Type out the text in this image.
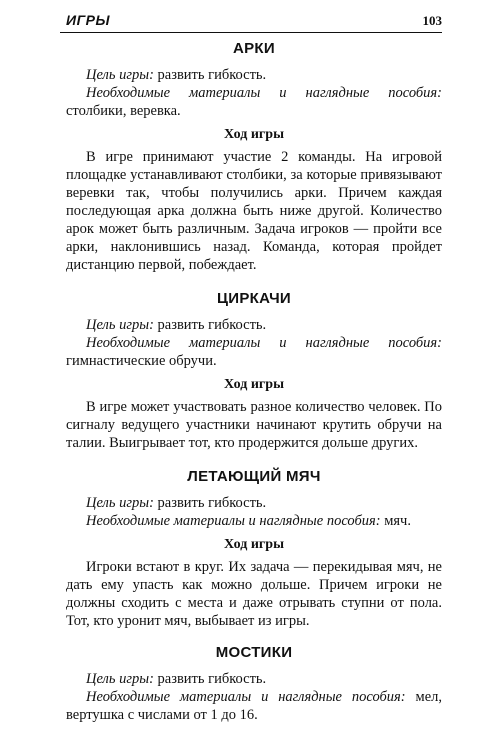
ИГРЫ	103
АРКИ

Цель игры: развить гибкость.

Необходимые материалы и наглядные пособия: столбики, веревка.

Ход игры

В игре принимают участие 2 команды. На игровой площадке устанавливают столбики, за которые привязывают веревки так, чтобы получились арки. Причем каждая последующая арка должна быть ниже другой. Количество арок может быть различным. Задача игроков — пройти все арки, наклонившись назад. Команда, которая пройдет дистанцию первой, побеждает.

ЦИРКАЧИ

Цель игры: развить гибкость.

Необходимые материалы и наглядные пособия: гимнастические обручи.

Ход игры

В игре может участвовать разное количество человек. По сигналу ведущего участники начинают крутить обручи на талии. Выигрывает тот, кто продержится дольше других.

ЛЕТАЮЩИЙ МЯЧ

Цель игры: развить гибкость.

Необходимые материалы и наглядные пособия: мяч.

Ход игры

Игроки встают в круг. Их задача — перекидывая мяч, не дать ему упасть как можно дольше. Причем игроки не должны сходить с места и даже отрывать ступни от пола. Тот, кто уронит мяч, выбывает из игры.

МОСТИКИ

Цель игры: развить гибкость.

Необходимые материалы и наглядные пособия: мел, вертушка с числами от 1 до 16.
